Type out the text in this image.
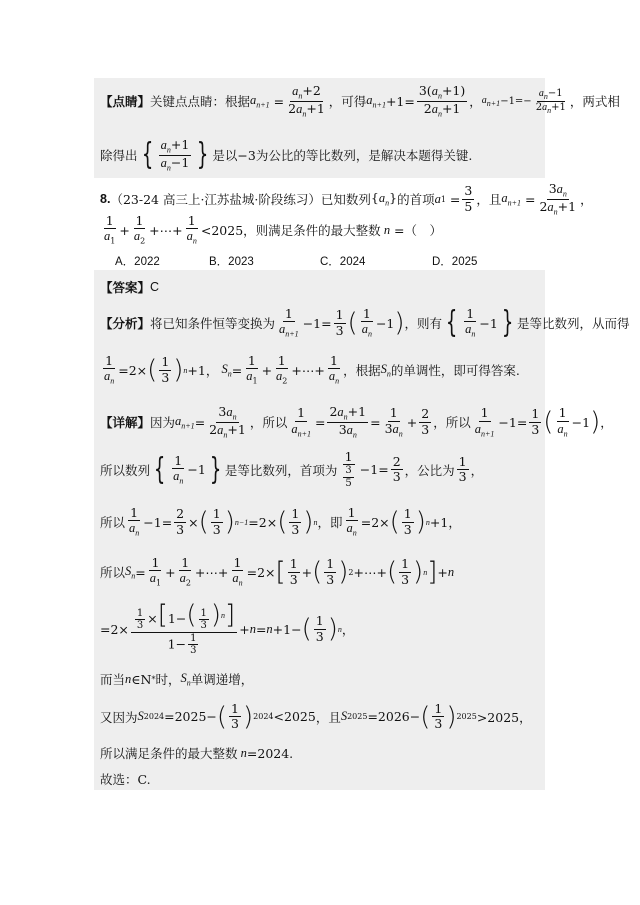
【点睛】 关键点点睛：根据 $a_{n+1} = \frac{a_n+2}{2a_n+1}$ ，可得 $a_{n+1} +1= \frac{3(a_n+1)}{2a_n+1}$ ， $a_{n+1} -1=- \frac{a_n-1}{2a_n+1}$ ，两式相
除得出 { $\frac{a_n+1}{a_n-1}$ } 是以−3为公比的等比数列，是解决本题得关键.
8. （23-24 高三上·江苏盐城·阶段练习） 已知数列 $\{a_n\}$ 的首项 a $1 = \frac{3}{5}$ ，且 $a_{n+1} = \frac{3a_n}{2a_n+1}$ ，
$\frac{1}{a_1} + \frac{1}{a_2}$ +⋯+ $\frac{1}{a_n} <2025$ ，则满足条件的最大整数 n = （　）
A．2022	B．2023	C．2024	D．2025
【答案】 C
【分析】 将已知条件恒等变换为 $\frac{1}{a_{n+1}} -1= \frac{1}{3}$ ( $\frac{1}{a_n} -1$ ) ，则有 { $\frac{1}{a_n} -1$ } 是等比数列，从而得
$\frac{1}{a_n} =2\times$ ( $\frac{1}{3}$ ) n +1， $S_n = \frac{1}{a_1} + \frac{1}{a_2}$ +⋯+ $\frac{1}{a_n}$ ，根据 $S_n$ 的单调性，即可得答案.
【详解】 因为 $a_{n+1} = \frac{3a_n}{2a_n+1}$ ，所以 $\frac{1}{a_{n+1}} = \frac{2a_n+1}{3a_n} = \frac{1}{3a_n} + \frac{2}{3}$ ，所以 $\frac{1}{a_{n+1}} -1= \frac{1}{3}$ ( $\frac{1}{a_n} -1$ ) ，
所以数列 { $\frac{1}{a_n} -1$ } 是等比数列，首项为 $\frac{1}{\frac{3}{5}} -1= \frac{2}{3}$ ，公比为 $\frac{1}{3}$ ，
所以 $\frac{1}{a_n} -1= \frac{2}{3}$ × ( $\frac{1}{3}$ ) n−1 =2× ( $\frac{1}{3}$ ) n ，即 $\frac{1}{a_n} =2\times$ ( $\frac{1}{3}$ ) n +1，
所以 $S_n = \frac{1}{a_1} + \frac{1}{a_2}$ +⋯+ $\frac{1}{a_n} =2\times$ [ $\frac{1}{3}$ + ( $\frac{1}{3}$ ) 2 +⋯+ ( $\frac{1}{3}$ ) n ] + n
$=2\times \frac{\frac{1}{3} \times[1-( \frac{1}{3} )^n]}{1- \frac{1}{3}} + n = n +1-$ ( $\frac{1}{3}$ ) n ，
而当 n ∈N * 时， $S_n$ 单调递增，
又因为 S 2024 =2025− ( $\frac{1}{3}$ ) 2024 <2025 ，且 S 2025 =2026− ( $\frac{1}{3}$ ) 2025 >2025，
所以满足条件的最大整数 n =2024.
故选：C.
